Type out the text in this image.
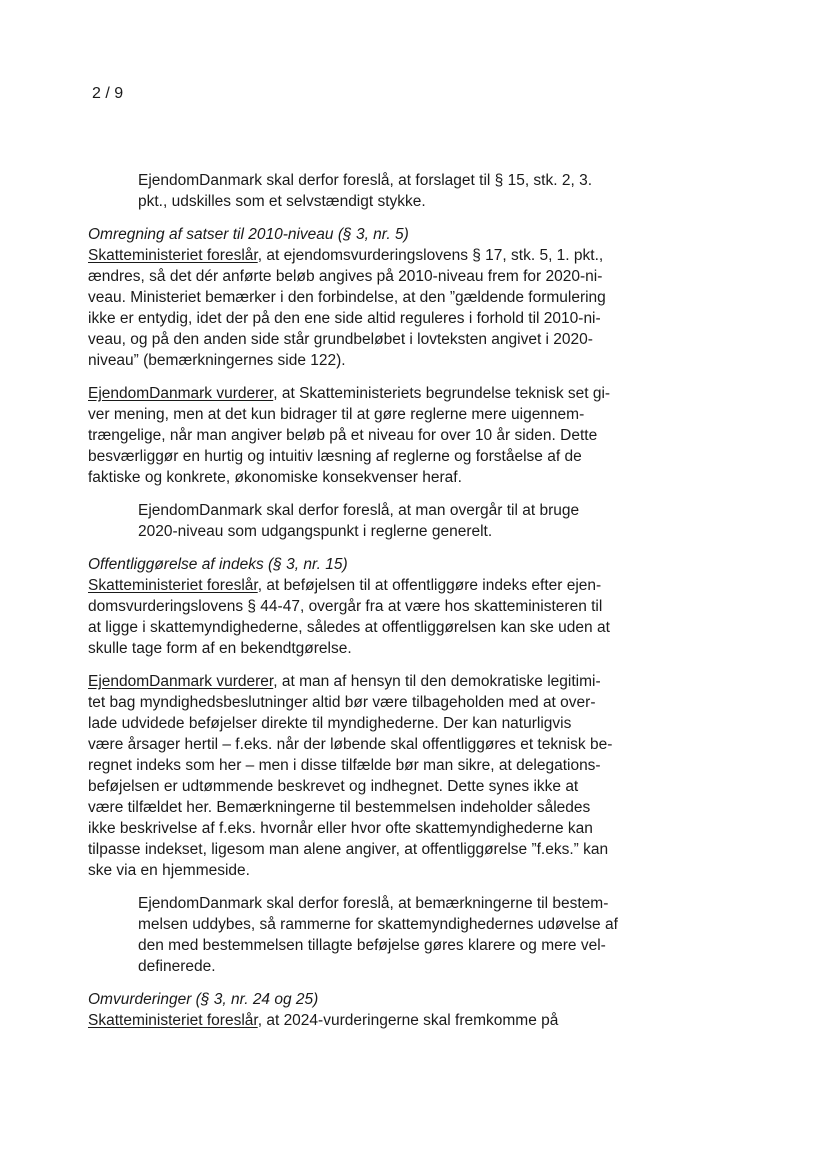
2 / 9
EjendomDanmark skal derfor foreslå, at forslaget til § 15, stk. 2, 3.
pkt., udskilles som et selvstændigt stykke.
Omregning af satser til 2010-niveau (§ 3, nr. 5)
Skatteministeriet foreslår, at ejendomsvurderingslovens § 17, stk. 5, 1. pkt.,
ændres, så det dér anførte beløb angives på 2010-niveau frem for 2020-ni-
veau. Ministeriet bemærker i den forbindelse, at den ”gældende formulering
ikke er entydig, idet der på den ene side altid reguleres i forhold til 2010-ni-
veau, og på den anden side står grundbeløbet i lovteksten angivet i 2020-
niveau” (bemærkningernes side 122).
EjendomDanmark vurderer, at Skatteministeriets begrundelse teknisk set gi-
ver mening, men at det kun bidrager til at gøre reglerne mere uigennem-
trængelige, når man angiver beløb på et niveau for over 10 år siden. Dette
besværliggør en hurtig og intuitiv læsning af reglerne og forståelse af de
faktiske og konkrete, økonomiske konsekvenser heraf.
EjendomDanmark skal derfor foreslå, at man overgår til at bruge
2020-niveau som udgangspunkt i reglerne generelt.
Offentliggørelse af indeks (§ 3, nr. 15)
Skatteministeriet foreslår, at beføjelsen til at offentliggøre indeks efter ejen-
domsvurderingslovens § 44-47, overgår fra at være hos skatteministeren til
at ligge i skattemyndighederne, således at offentliggørelsen kan ske uden at
skulle tage form af en bekendtgørelse.
EjendomDanmark vurderer, at man af hensyn til den demokratiske legitimi-
tet bag myndighedsbeslutninger altid bør være tilbageholden med at over-
lade udvidede beføjelser direkte til myndighederne. Der kan naturligvis
være årsager hertil – f.eks. når der løbende skal offentliggøres et teknisk be-
regnet indeks som her – men i disse tilfælde bør man sikre, at delegations-
beføjelsen er udtømmende beskrevet og indhegnet. Dette synes ikke at
være tilfældet her. Bemærkningerne til bestemmelsen indeholder således
ikke beskrivelse af f.eks. hvornår eller hvor ofte skattemyndighederne kan
tilpasse indekset, ligesom man alene angiver, at offentliggørelse ”f.eks.” kan
ske via en hjemmeside.
EjendomDanmark skal derfor foreslå, at bemærkningerne til bestem-
melsen uddybes, så rammerne for skattemyndighedernes udøvelse af
den med bestemmelsen tillagte beføjelse gøres klarere og mere vel-
definerede.
Omvurderinger (§ 3, nr. 24 og 25)
Skatteministeriet foreslår, at 2024-vurderingerne skal fremkomme på
